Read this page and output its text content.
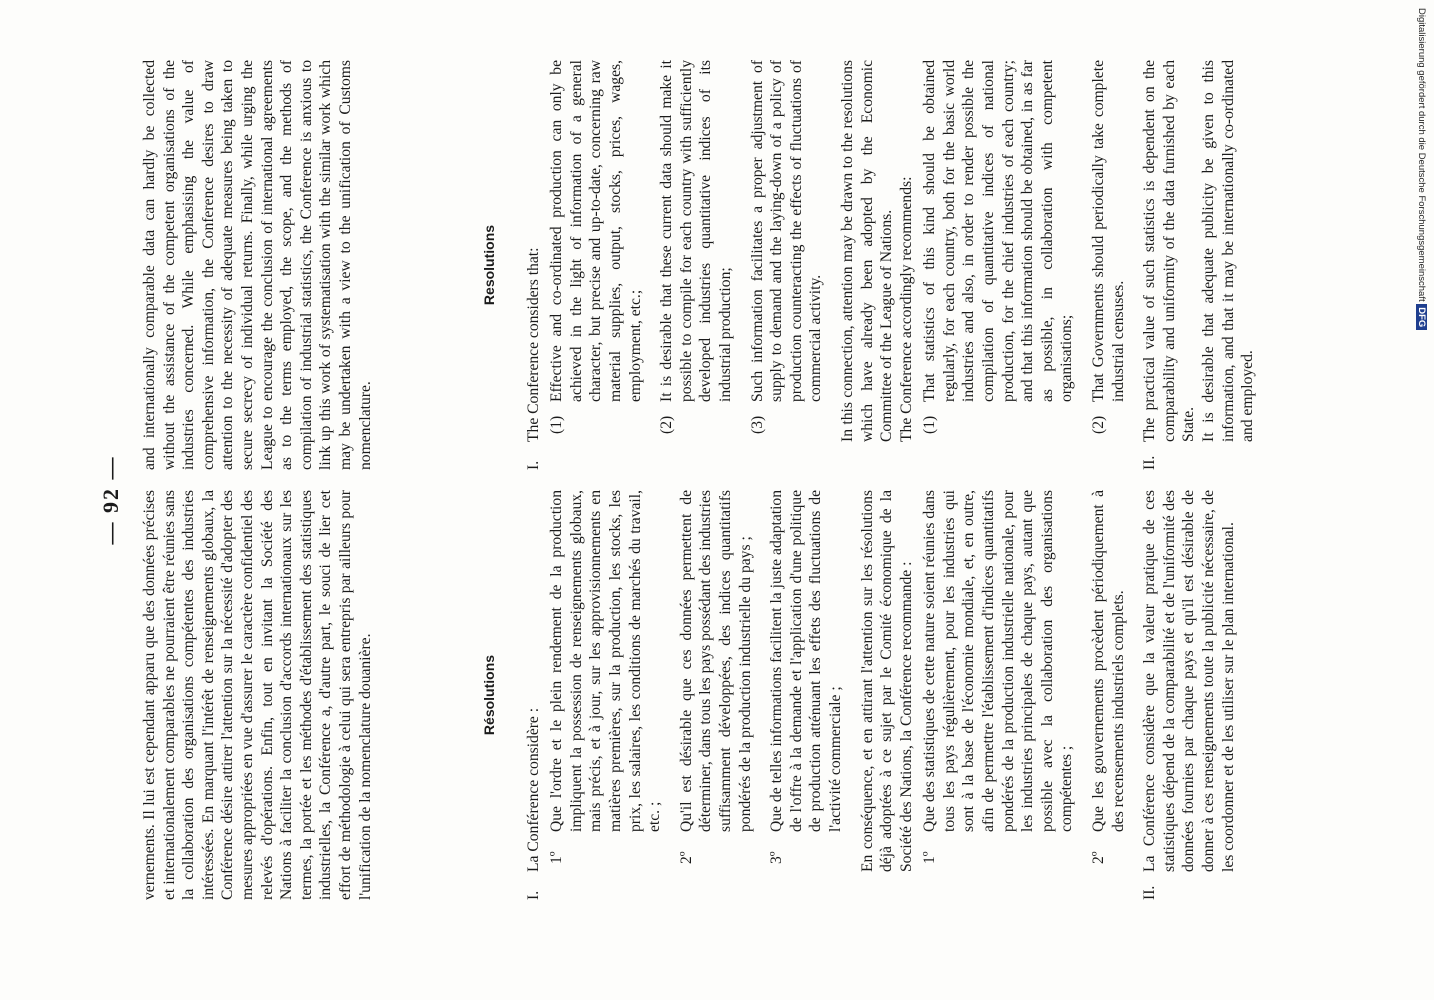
— 92 — vernements. Il lui est cependant apparu que des données précises et internationalement comparables ne pourraient être réunies sans la collaboration des organisations compétentes des industries intéressées. En marquant l'intérêt de renseignements globaux, la Conférence désire attirer l'attention sur la nécessité d'adopter des mesures appropriées en vue d'assurer le caractère confidentiel des relevés d'opérations. Enfin, tout en invitant la Société des Nations à faciliter la conclusion d'accords internationaux sur les termes, la portée et les méthodes d'établissement des statistiques industrielles, la Conférence a, d'autre part, le souci de lier cet effort de méthodologie à celui qui sera entrepris par ailleurs pour l'unification de la nomenclature douanière.	Résolutions
I.

La Conférence considère : 1º

Que l'ordre et le plein rendement de la production impliquent la possession de renseignements globaux, mais précis, et à jour, sur les approvisionnements en matières premières, sur la production, les stocks, les prix, les salaires, les conditions de marchés du travail, etc. ;

2º

Qu'il est désirable que ces données permettent de déterminer, dans tous les pays possédant des industries suffisamment développées, des indices quantitatifs pondérés de la production industrielle du pays ;

3º

Que de telles informations facilitent la juste adaptation de l'offre à la demande et l'application d'une politique de production atténuant les effets des fluctuations de l'activité commerciale ; En conséquence, et en attirant l'attention sur les résolutions déjà adoptées à ce sujet par le Comité économique de la Société des Nations, la Conférence recommande : 1º

Que des statistiques de cette nature soient réunies dans tous les pays régulièrement, pour les industries qui sont à la base de l'économie mondiale, et, en outre, afin de permettre l'établissement d'indices quantitatifs pondérés de la production industrielle nationale, pour les industries principales de chaque pays, autant que possible avec la collaboration des organisations compétentes ;

2º

Que les gouvernements procèdent périodiquement à des recensements industriels complets.

II.

La Conférence considère que la valeur pratique de ces statistiques dépend de la comparabilité et de l'uniformité des données fournies par chaque pays et qu'il est désirable de donner à ces renseignements toute la publicité nécessaire, de les coordonner et de les utiliser sur le plan international.

and internationally comparable data can hardly be collected without the assistance of the competent organisations of the industries concerned. While emphasising the value of comprehensive information, the Conference desires to draw attention to the necessity of adequate measures being taken to secure secrecy of individual returns. Finally, while urging the League to encourage the conclusion of international agreements as to the terms employed, the scope, and the methods of compilation of industrial statistics, the Conference is anxious to link up this work of systematisation with the similar work which may be undertaken with a view to the unification of Customs nomenclature.

Resolutions
I.

The Conference considers that: (1)

Effective and co-ordinated production can only be achieved in the light of information of a general character, but precise and up-to-date, concerning raw material supplies, output, stocks, prices, wages, employment, etc.;

(2)

It is desirable that these current data should make it possible to compile for each country with sufficiently developed industries quantitative indices of its industrial production;

(3)

Such information facilitates a proper adjustment of supply to demand and the laying-down of a policy of production counteracting the effects of fluctuations of commercial activity. In this connection, attention may be drawn to the resolutions which have already been adopted by the Economic Committee of the League of Nations. The Conference accordingly recommends: (1)

That statistics of this kind should be obtained regularly, for each country, both for the basic world industries and also, in order to render possible the compilation of quantitative indices of national production, for the chief industries of each country; and that this information should be obtained, in as far as possible, in collaboration with competent organisations;

(2)

That Governments should periodically take complete industrial censuses.

II.

The practical value of such statistics is dependent on the comparability and uniformity of the data furnished by each State. It is desirable that adequate publicity be given to this information, and that it may be internationally co-ordinated and employed.

Digitalisierung gefördert durch die Deutsche Forschungsgemeinschaft DFG
